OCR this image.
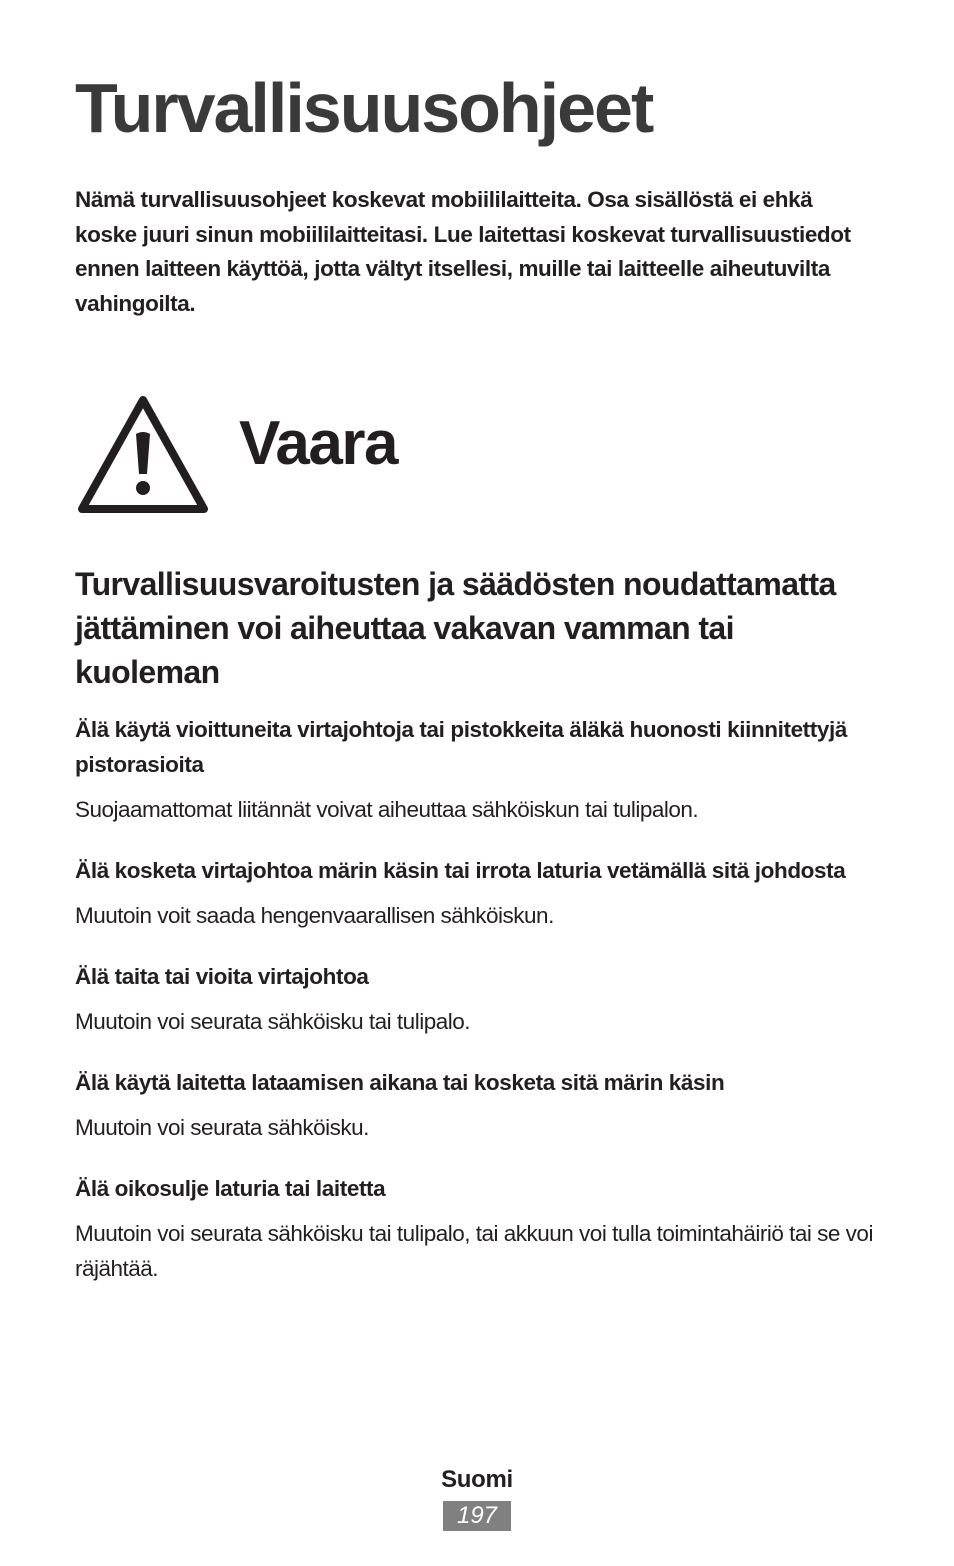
Turvallisuusohjeet

Nämä turvallisuusohjeet koskevat mobiililaitteita. Osa sisällöstä ei ehkä koske juuri sinun mobiililaitteitasi. Lue laitettasi koskevat turvallisuustiedot ennen laitteen käyttöä, jotta vältyt itsellesi, muille tai laitteelle aiheutuvilta vahingoilta.

Vaara
Turvallisuusvaroitusten ja säädösten noudattamatta jättäminen voi aiheuttaa vakavan vamman tai kuoleman

Älä käytä vioittuneita virtajohtoja tai pistokkeita äläkä huonosti kiinnitettyjä pistorasioita

Suojaamattomat liitännät voivat aiheuttaa sähköiskun tai tulipalon.

Älä kosketa virtajohtoa märin käsin tai irrota laturia vetämällä sitä johdosta

Muutoin voit saada hengenvaarallisen sähköiskun.

Älä taita tai vioita virtajohtoa

Muutoin voi seurata sähköisku tai tulipalo.

Älä käytä laitetta lataamisen aikana tai kosketa sitä märin käsin

Muutoin voi seurata sähköisku.

Älä oikosulje laturia tai laitetta

Muutoin voi seurata sähköisku tai tulipalo, tai akkuun voi tulla toimintahäiriö tai se voi räjähtää.

Suomi
197
